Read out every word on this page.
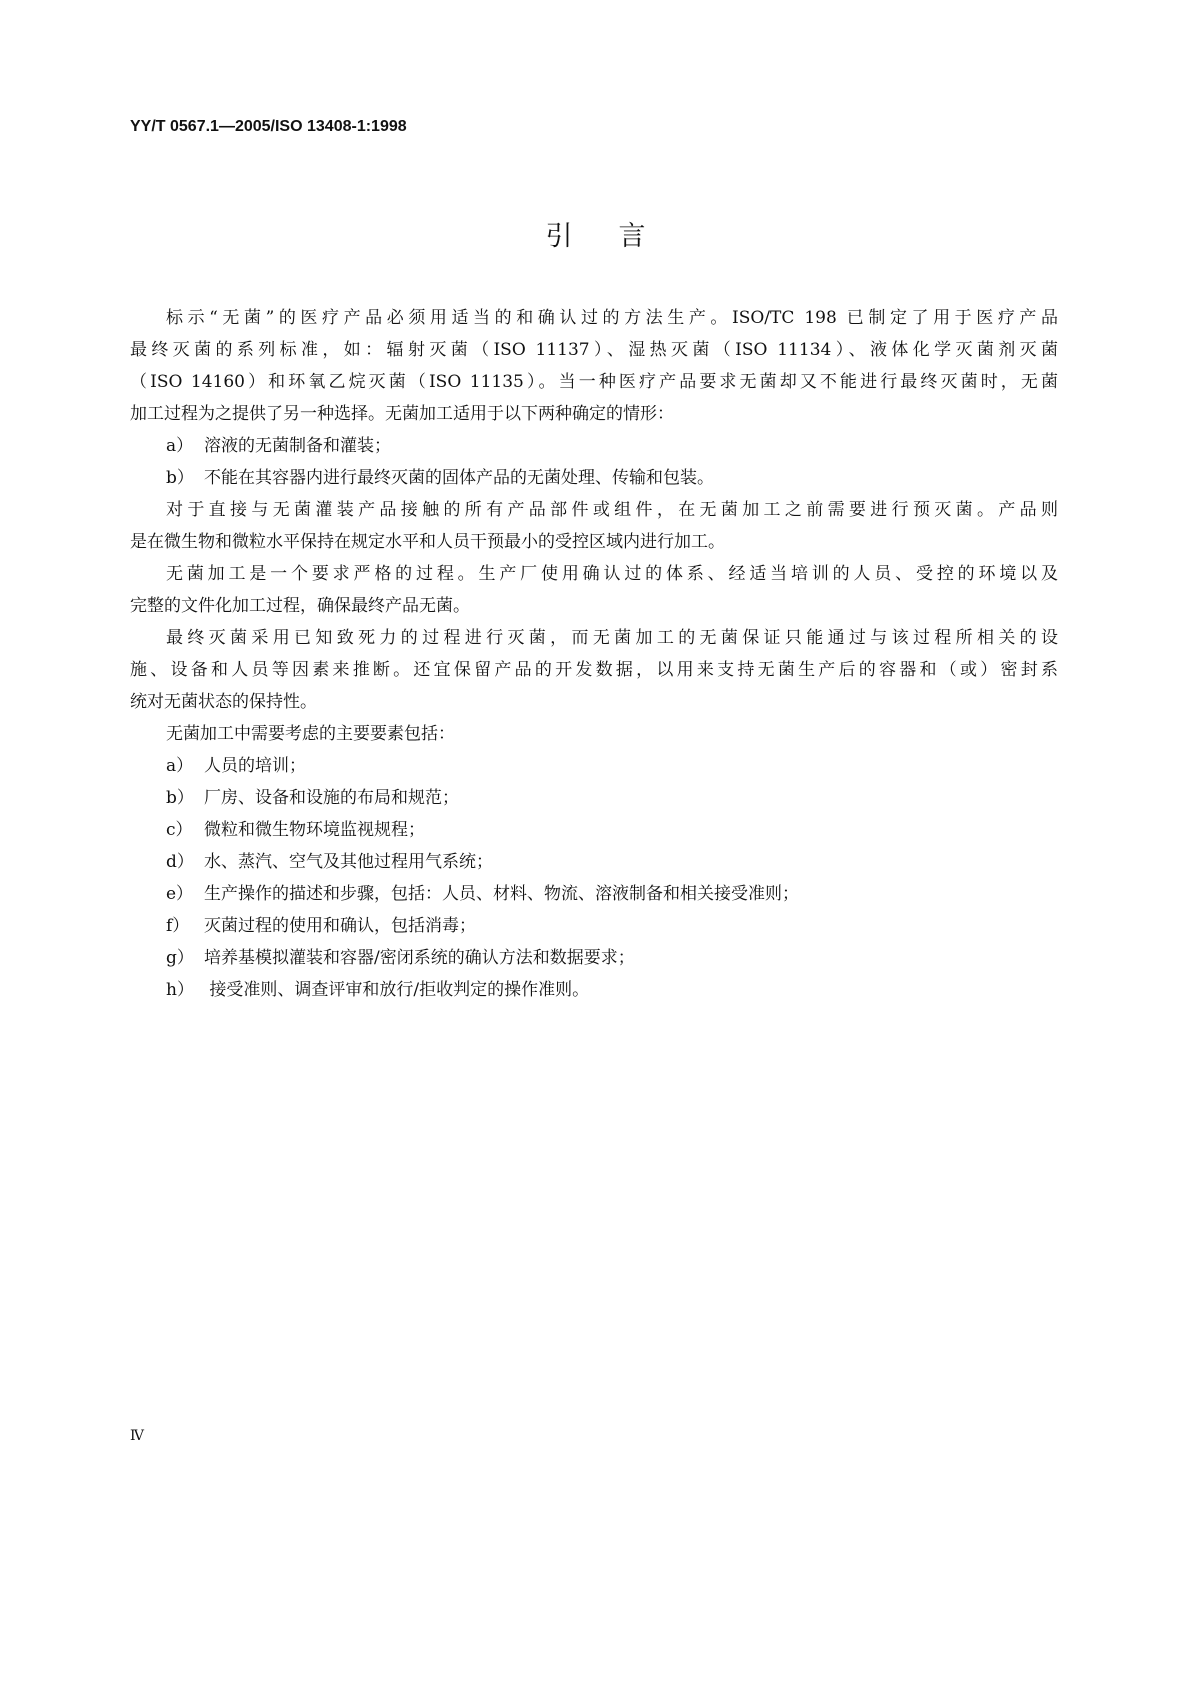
YY/T 0567.1—2005/ISO 13408-1:1998
引言
标示“无菌”的医疗产品必须用适当的和确认过的方法生产。ISO/TC 198 已制定了用于医疗产品
最终灭菌的系列标准，如：辐射灭菌（ISO 11137）、湿热灭菌（ISO 11134）、液体化学灭菌剂灭菌
（ISO 14160）和环氧乙烷灭菌（ISO 11135）。当一种医疗产品要求无菌却又不能进行最终灭菌时，无菌
加工过程为之提供了另一种选择。无菌加工适用于以下两种确定的情形：
a） 溶液的无菌制备和灌装；
b） 不能在其容器内进行最终灭菌的固体产品的无菌处理、传输和包装。
对于直接与无菌灌装产品接触的所有产品部件或组件，在无菌加工之前需要进行预灭菌。产品则
是在微生物和微粒水平保持在规定水平和人员干预最小的受控区域内进行加工。
无菌加工是一个要求严格的过程。生产厂使用确认过的体系、经适当培训的人员、受控的环境以及
完整的文件化加工过程，确保最终产品无菌。
最终灭菌采用已知致死力的过程进行灭菌，而无菌加工的无菌保证只能通过与该过程所相关的设
施、设备和人员等因素来推断。还宜保留产品的开发数据，以用来支持无菌生产后的容器和（或）密封系
统对无菌状态的保持性。
无菌加工中需要考虑的主要要素包括：
a） 人员的培训；
b） 厂房、设备和设施的布局和规范；
c） 微粒和微生物环境监视规程；
d） 水、蒸汽、空气及其他过程用气系统；
e） 生产操作的描述和步骤，包括：人员、材料、物流、溶液制备和相关接受准则；
f） 灭菌过程的使用和确认，包括消毒；
g） 培养基模拟灌装和容器/密闭系统的确认方法和数据要求；
h） 接受准则、调查评审和放行/拒收判定的操作准则。
Ⅳ
